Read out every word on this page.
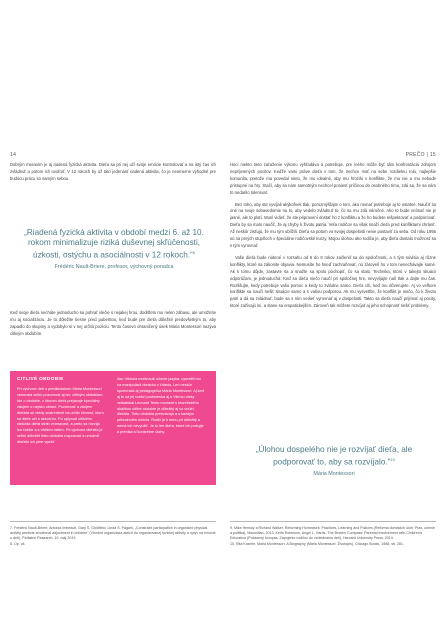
14

Dobrým meraním je aj riadená fyzická aktivita. Dieťa sa pri nej učí svoje emócie kontrolovať a na istý čas ich zvládnuť a potom ich uvoľniť. V 12 rokoch by už táto jedenásť riadená aktivita, čo je neomerne výhodné pre budúcu prácu so samým sebou.

„Riadená fyzická aktivita v období medzi 6. až 10. rokom minimalizuje riziká duševnej skľúčenosti, úzkosti, ostýchu a asociálnosti v 12 rokoch.“$^6$
Frédéric Nault-Briere, profesor, výchovný poradca

Keď svoje dieťa necháte jednoducho sa pohrať vlečie s nejakej hrou, dodiťteto mu nelen zábavu, ale umožníte mu aj socializáciu. Je to dôležite tiesne pred puberttou, keď bude pre dieťa dôležité predovšetkým to, aby zapadlo do skupiny a vydobylo si v nej určitú pozíciu. Tento časovo ohraničený úsek Mária Montessori nazýva citlivým obdobím.

CITLIVÉ OBDOBIE
Pri výchove detí s predškolskom Mária Montessori venovala veľkú pozornosť aj tzv. citlivým obdobiam. Ide o obdobie, v ktorom dieťa prejavuje špeciálny záujem o nejakú oblasť. Pozornosť a záujem dieťaťa sú vtedy sústredené na určitú činnosť, ktorú sa dieťa učí s radosťou. Po uplynutí citlivého obdobia dieťa stratí vnímavosť, a preto sa rozvíja len ťažšie a s väčším úsilím. Pri výchove dieťaťa je veľmi dôležité tieto obdobia rozpoznať a umožniť dieťaťu ich plne využiť.
Ako Viktoria motivovali učenie jazyka, vysvetlil mu na manipulácii obrázku z čítania. Len neskôr spomínala aj pedagogička Mária Montessori. Aj keď aj tu sa jej rozšíri podmienka aj s Vilmou vieky vediatokal Leonard Tento moment s teoretického ukážkou citlivé obdobie je dôležitý aj vo vnútri dieťaťa. Tieto obdobia pretrvávajú a s každým pribudnutím učenia. Rodič je k tomu pri dôležitý a nemá ich nevyužiť. Je to len dieťa, ktoré ich pokryje a preniká si konkrétne úlohy.
7. Frédéric Nault-Briere, Antonia Imbeault, Gary S. Goldfield, Linda S. Pagani, „Constraint participation in organized physical activity predicts emotional adjustment in children" (Vhodná organizácia aktivít do organizovanej fyzickej aktivity a vplyv na emócie u detí), Pediatric Research, 10. máj 2019.
8. Op. cit.
PREČO | 15

Hoci niekto tieto zaťaženie výkonu vyhľadáva a potrebuje, pre iného môže byť táto konfrontácia zdrojom nepríjemných pocitov. Keďže vami práve dieťa v tom, že nechce mať na sebe rozdielnu rolu, najlepšie komunita, pretože ma povedal nieto, že mu idealné, aby mu hrozilo v konflikte, že mu nie a mu nebude pristupné na hry. Stačí, aby sa nám samotným nechcel poniesť príčinou do osobného tímu, zdá sa, že sa nám to nedarilo tolerovať.

Bez toho, aby ste vyvíjali akýkoľvek tlak, porozmýšľajte o tom, ako rovnať potrebuje aj to ostatné. Naučiť sa oné na svoje sebavedomie na to, aby vedelo zvládnuť to, čo sa mu zdá náročné. Ako to bude vnímať nie je jasné, ale to platí. Musí vidieť, že ste pripravení dostať ho z konfliktu a že ho budete rešpektovať a podporovať. Dieťa by sa malo naučiť, že aj chyby k životu patria. Veľa rodičov sa však snaží dieťa pred konfliktami chrániť. Až neskôr zisťujú, že mu tým ublížili. Dieťa sa potom vo svojej dospelosti nevie postaviť za seba. Od roku 1956 sú na prvých stupňoch v špeciálne rodičovské kurzy. Mojou úlohou ako rodiča je, aby dieťa dostalo možnosť sa s tým vyrovnať.

Vaše dieťa bude nútené v rozsahu od 6 do 9 rokov začleniť sa do spoločnosti, a s tým súvisia aj rôzne konflikty, ktoré sa zákonite objavia. Nemusíte ho hneď zachraňovať, no zároveň ho v tom nenechávajte samé. Ak k tomu dôjde, zastavte sa a snažte sa spolu pochopiť, čo sa stalo. Technika, ktorú v takejto situácii odporúčam, je jednoduchá: Keď sa dieťa niečo naučí pri spoločnej hre, nevyvíjajte naň tlak a dajte mu čas. Rozlišujte, kedy potrebuje vašu pomoc a kedy to zvládne samo. Dieťa cíti, keď mu dôverujete. Aj vo veľkom konflikte sa naučí riešiť situácie samo a s vašou podporou. Ak mu vysvetlíte, že konflikt je niečo, čo k životu patrí a dá sa zvládnuť, bude sa s ním vedieť vyrovnať aj v dospelosti. Takto sa dieťa naučí prijímať aj pocity, ktoré zažívajú iní, a stane sa empatickejším. Zároveň tak môžete rozvíjať aj jeho schopnosť riešiť problémy.

„Úlohou dospelého nie je rozvíjať dieťa, ale podporovať to, aby sa rozvíjalo.“$^{10}$
Mária Montessori
9. Mike Hensky a Richard Walker, Reforming Homework: Practices, Learning and Policies (Reforma domácich úloh: Prax, učenie a politika), Macmillan, 2013; Keith Robinson, Angel L. Harris, The Broken Compass: Parental Involvement with Children's Education (Pokazený kompas: Zapojenie rodičov do vzdelávania detí), Harvard University Press, 2014.
10. Rita Kramer, Maria Montessori: A Biography (Mária Montessori: Životopis), Chicago Books, 1988, str. 281.
